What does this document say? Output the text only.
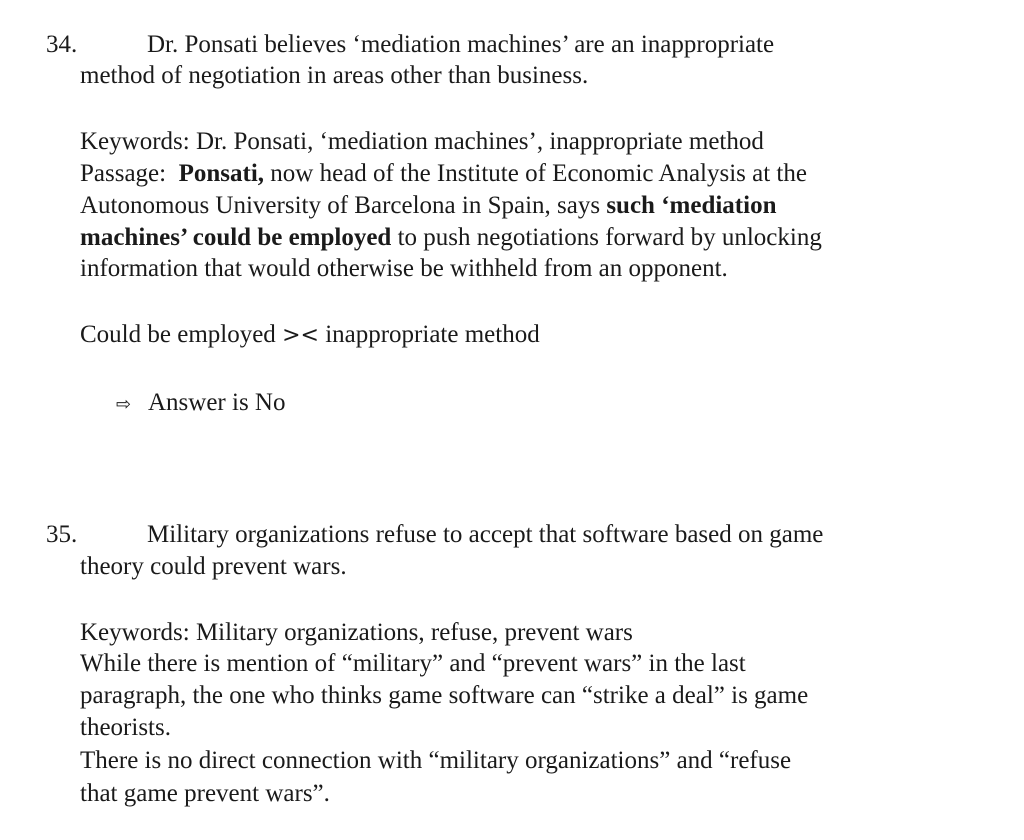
34.	Dr. Ponsati believes ‘mediation machines’ are an inappropriate
method of negotiation in areas other than business.
Keywords: Dr. Ponsati, ‘mediation machines’, inappropriate method
Passage: Ponsati, now head of the Institute of Economic Analysis at the
Autonomous University of Barcelona in Spain, says such ‘mediation
machines’ could be employed to push negotiations forward by unlocking
information that would otherwise be withheld from an opponent.
Could be employed >< inappropriate method
⇨ Answer is No
35.	Military organizations refuse to accept that software based on game
theory could prevent wars.
Keywords: Military organizations, refuse, prevent wars
While there is mention of “military” and “prevent wars” in the last
paragraph, the one who thinks game software can “strike a deal” is game
theorists.
There is no direct connection with “military organizations” and “refuse
that game prevent wars”.
